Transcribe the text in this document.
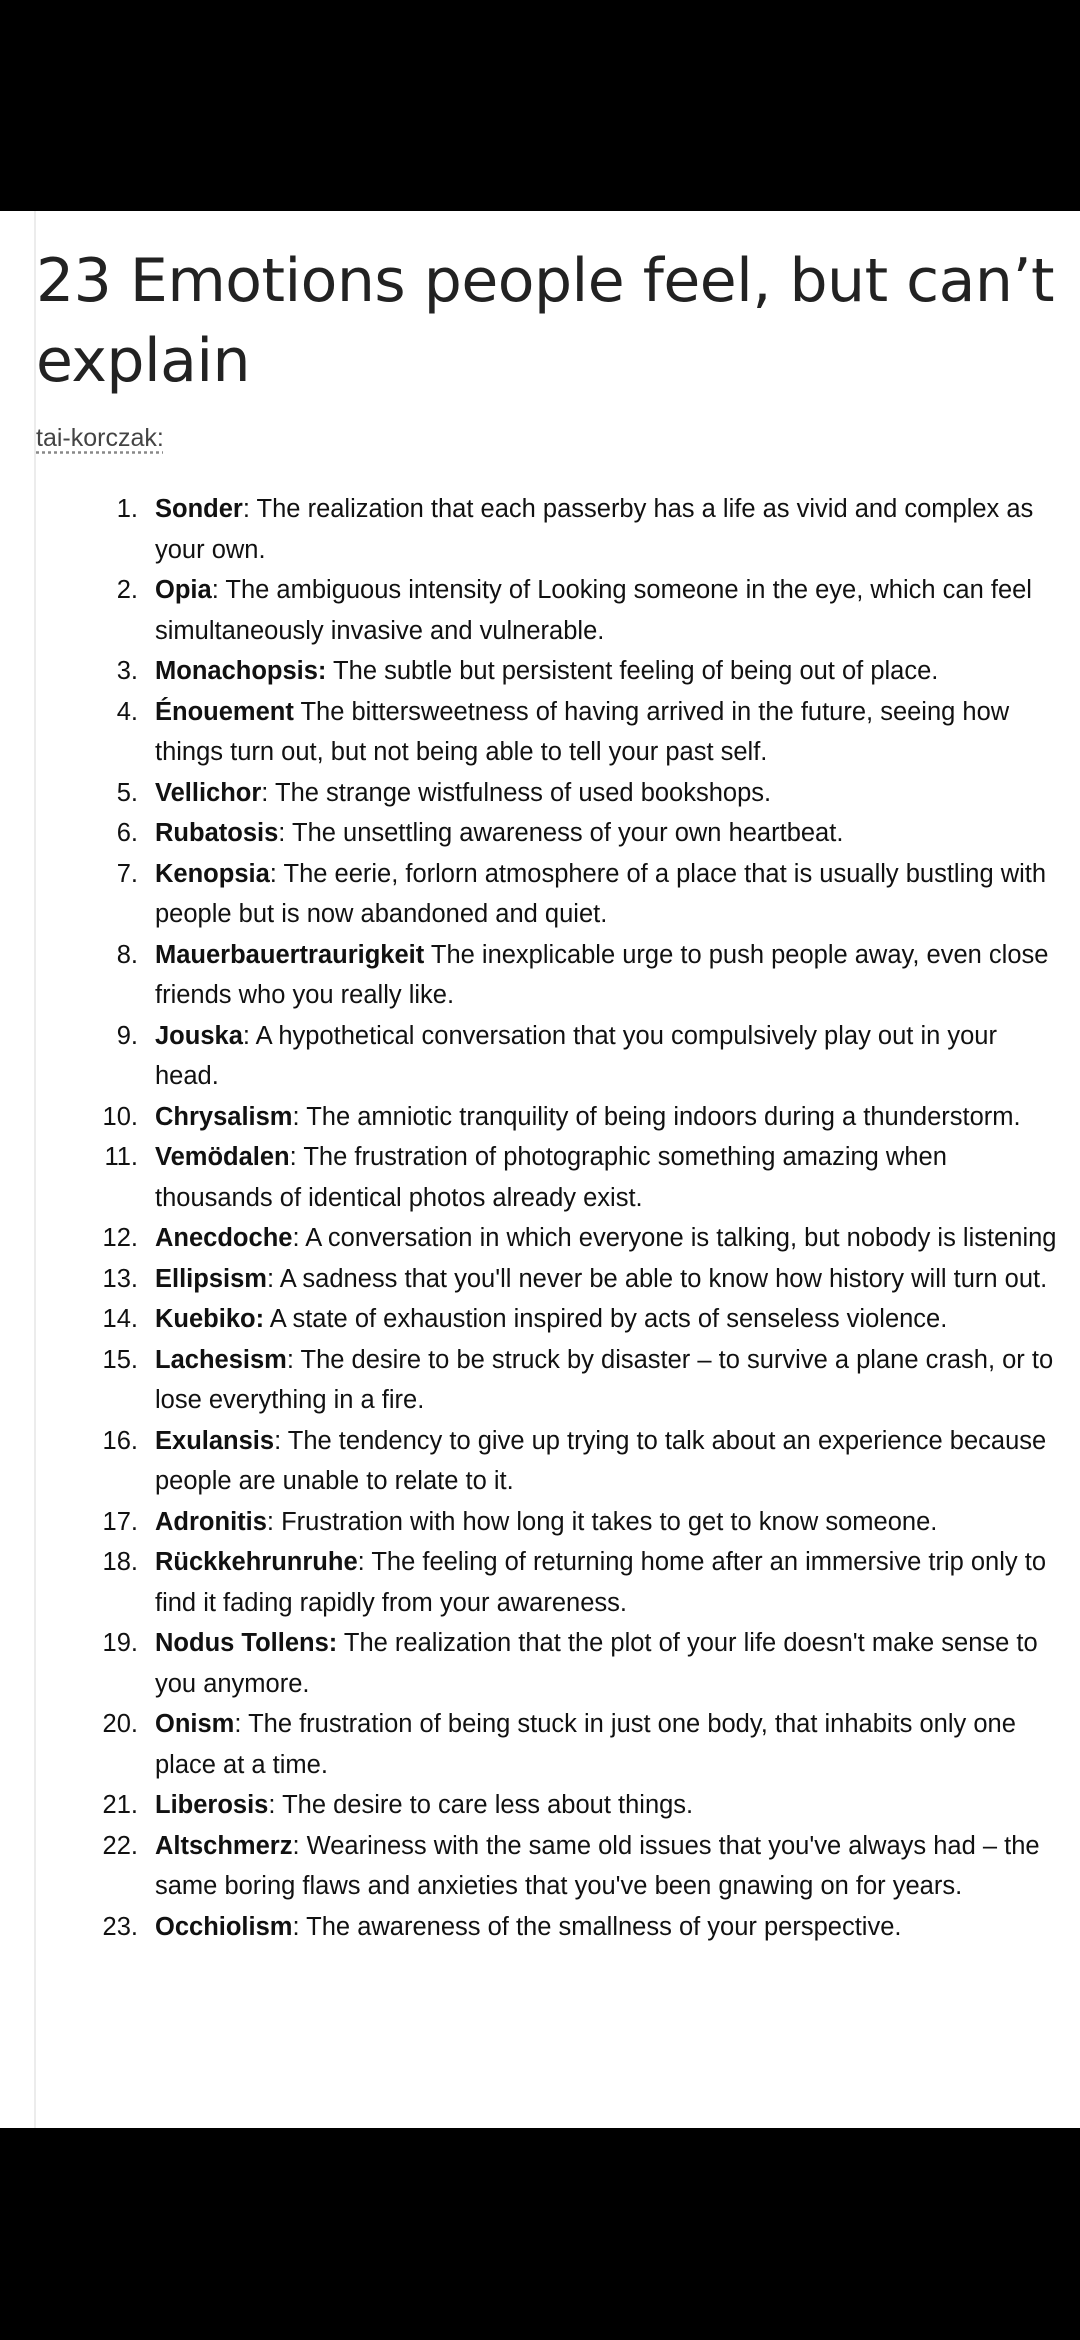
23 Emotions people feel, but can’t explain
tai-korczak:
1. Sonder: The realization that each passerby has a life as vivid and complex as your own.
2. Opia: The ambiguous intensity of Looking someone in the eye, which can feel simultaneously invasive and vulnerable.
3. Monachopsis: The subtle but persistent feeling of being out of place.
4. Énouement The bittersweetness of having arrived in the future, seeing how things turn out, but not being able to tell your past self.
5. Vellichor: The strange wistfulness of used bookshops.
6. Rubatosis: The unsettling awareness of your own heartbeat.
7. Kenopsia: The eerie, forlorn atmosphere of a place that is usually bustling with people but is now abandoned and quiet.
8. Mauerbauertraurigkeit The inexplicable urge to push people away, even close friends who you really like.
9. Jouska: A hypothetical conversation that you compulsively play out in your head.
10. Chrysalism: The amniotic tranquility of being indoors during a thunderstorm.
11. Vemödalen: The frustration of photographic something amazing when thousands of identical photos already exist.
12. Anecdoche: A conversation in which everyone is talking, but nobody is listening
13. Ellipsism: A sadness that you'll never be able to know how history will turn out.
14. Kuebiko: A state of exhaustion inspired by acts of senseless violence.
15. Lachesism: The desire to be struck by disaster – to survive a plane crash, or to lose everything in a fire.
16. Exulansis: The tendency to give up trying to talk about an experience because people are unable to relate to it.
17. Adronitis: Frustration with how long it takes to get to know someone.
18. Rückkehrunruhe: The feeling of returning home after an immersive trip only to find it fading rapidly from your awareness.
19. Nodus Tollens: The realization that the plot of your life doesn't make sense to you anymore.
20. Onism: The frustration of being stuck in just one body, that inhabits only one place at a time.
21. Liberosis: The desire to care less about things.
22. Altschmerz: Weariness with the same old issues that you've always had – the same boring flaws and anxieties that you've been gnawing on for years.
23. Occhiolism: The awareness of the smallness of your perspective.
